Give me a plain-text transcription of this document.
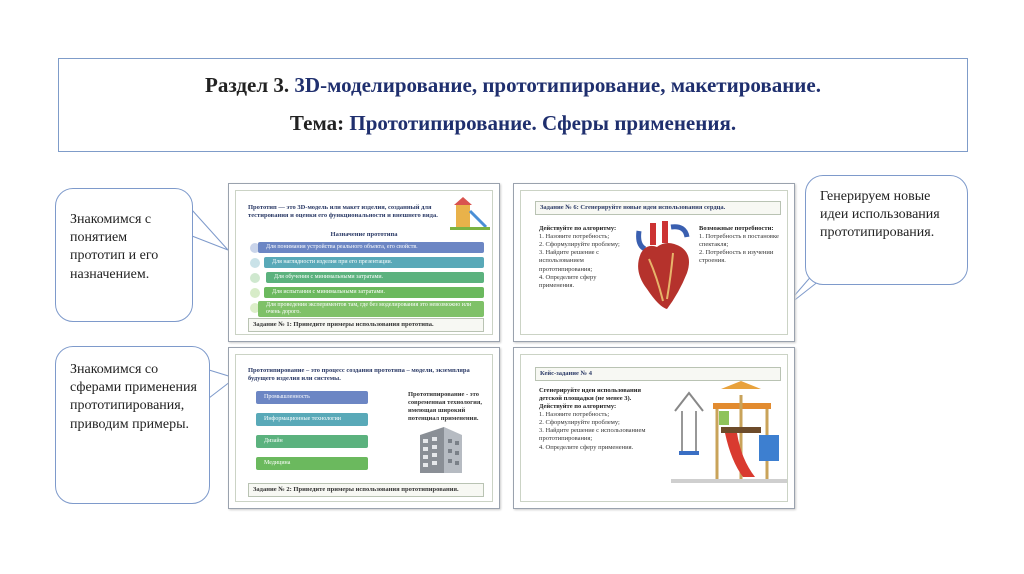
Раздел 3. 3D-моделирование, прототипирование, макетирование.
Тема: Прототипирование. Сферы применения.
Знакомимся с понятием прототип и его назначением.
Знакомимся со сферами применения прототипирования, приводим примеры.
Генерируем новые идеи использования прототипирования.
Прототип — это 3D-модель или макет изделия, созданный для тестирования и оценки его функциональности и внешнего вида.
Назначение прототипа
Для понимания устройства реального объекта, его свойств.
Для наглядности изделия при его презентации.
Для обучения с минимальными затратами.
Для испытания с минимальными затратами.
Для проведения экспериментов там, где без моделирования это невозможно или очень дорого.
Задание № 1: Приведите примеры использования прототипа.
Задание № 6: Сгенерируйте новые идеи использования сердца.
Действуйте по алгоритму:
1. Назовите потребность;
2. Сформулируйте проблему;
3. Найдите решение с использованием прототипирования;
4. Определите сферу применения.
Возможные потребности:
1. Потребность в постановке спектакля;
2. Потребность в изучении строения.
Прототипирование – это процесс создания прототипа – модели, экземпляра будущего изделия или системы.
Промышленность
Информационные технологии
Дизайн
Медицина
Прототипирование - это современная технология, имеющая широкий потенциал применения.
Задание № 2: Приведите примеры использования прототипирования.
Кейс-задание № 4
Сгенерируйте идеи использования детской площадки (не менее 3). Действуйте по алгоритму:
1. Назовите потребность;
2. Сформулируйте проблему;
3. Найдите решение с использованием прототипирования;
4. Определите сферу применения.
